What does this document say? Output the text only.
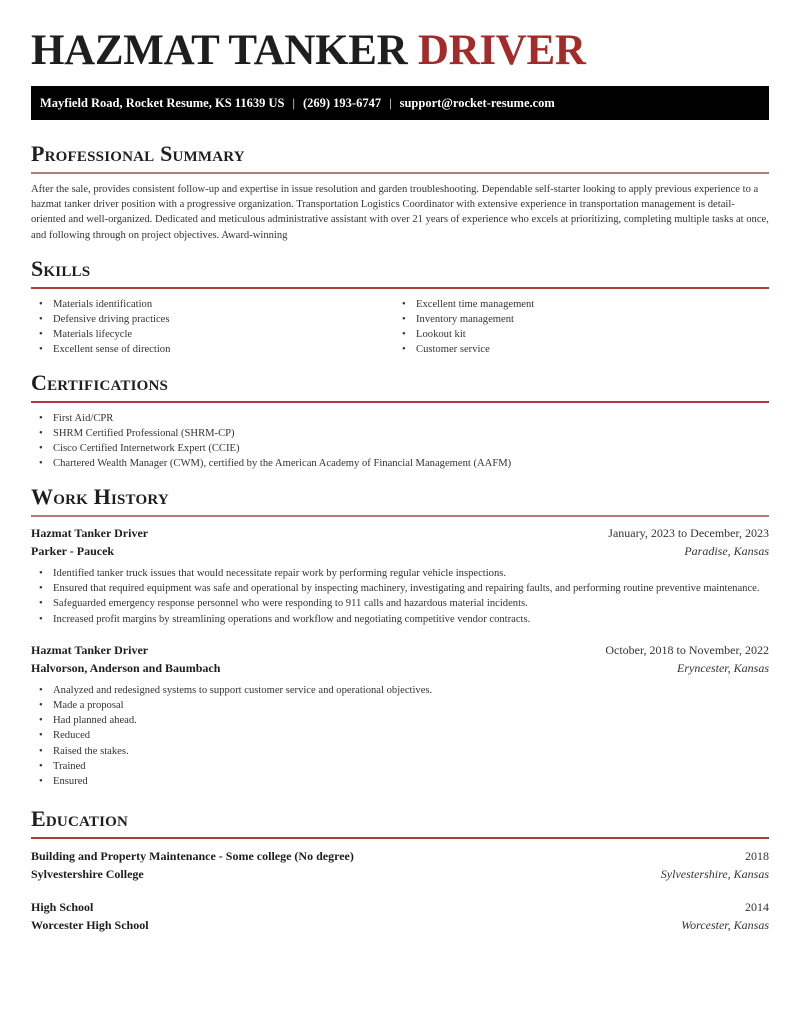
HAZMAT TANKER DRIVER
Mayfield Road, Rocket Resume, KS 11639 US | (269) 193-6747 | support@rocket-resume.com
Professional Summary

After the sale, provides consistent follow-up and expertise in issue resolution and garden troubleshooting. Dependable self-starter looking to apply previous experience to a hazmat tanker driver position with a progressive organization. Transportation Logistics Coordinator with extensive experience in transportation management is detail-oriented and well-organized. Dedicated and meticulous administrative assistant with over 21 years of experience who excels at prioritizing, completing multiple tasks at once, and following through on project objectives. Award-winning

Skills
• Materials identification
• Defensive driving practices
• Materials lifecycle
• Excellent sense of direction
• Excellent time management
• Inventory management
• Lookout kit
• Customer service
Certifications
• First Aid/CPR
• SHRM Certified Professional (SHRM-CP)
• Cisco Certified Internetwork Expert (CCIE)
• Chartered Wealth Manager (CWM), certified by the American Academy of Financial Management (AAFM)
Work History
Hazmat Tanker Driver	January, 2023 to December, 2023
Parker - Paucek	Paradise, Kansas
• Identified tanker truck issues that would necessitate repair work by performing regular vehicle inspections.
• Ensured that required equipment was safe and operational by inspecting machinery, investigating and repairing faults, and performing routine preventive maintenance.
• Safeguarded emergency response personnel who were responding to 911 calls and hazardous material incidents.
• Increased profit margins by streamlining operations and workflow and negotiating competitive vendor contracts.
Hazmat Tanker Driver	October, 2018 to November, 2022
Halvorson, Anderson and Baumbach	Eryncester, Kansas
• Analyzed and redesigned systems to support customer service and operational objectives.
• Made a proposal
• Had planned ahead.
• Reduced
• Raised the stakes.
• Trained
• Ensured
Education
Building and Property Maintenance - Some college (No degree)	2018
Sylvestershire College	Sylvestershire, Kansas
High School	2014
Worcester High School	Worcester, Kansas
